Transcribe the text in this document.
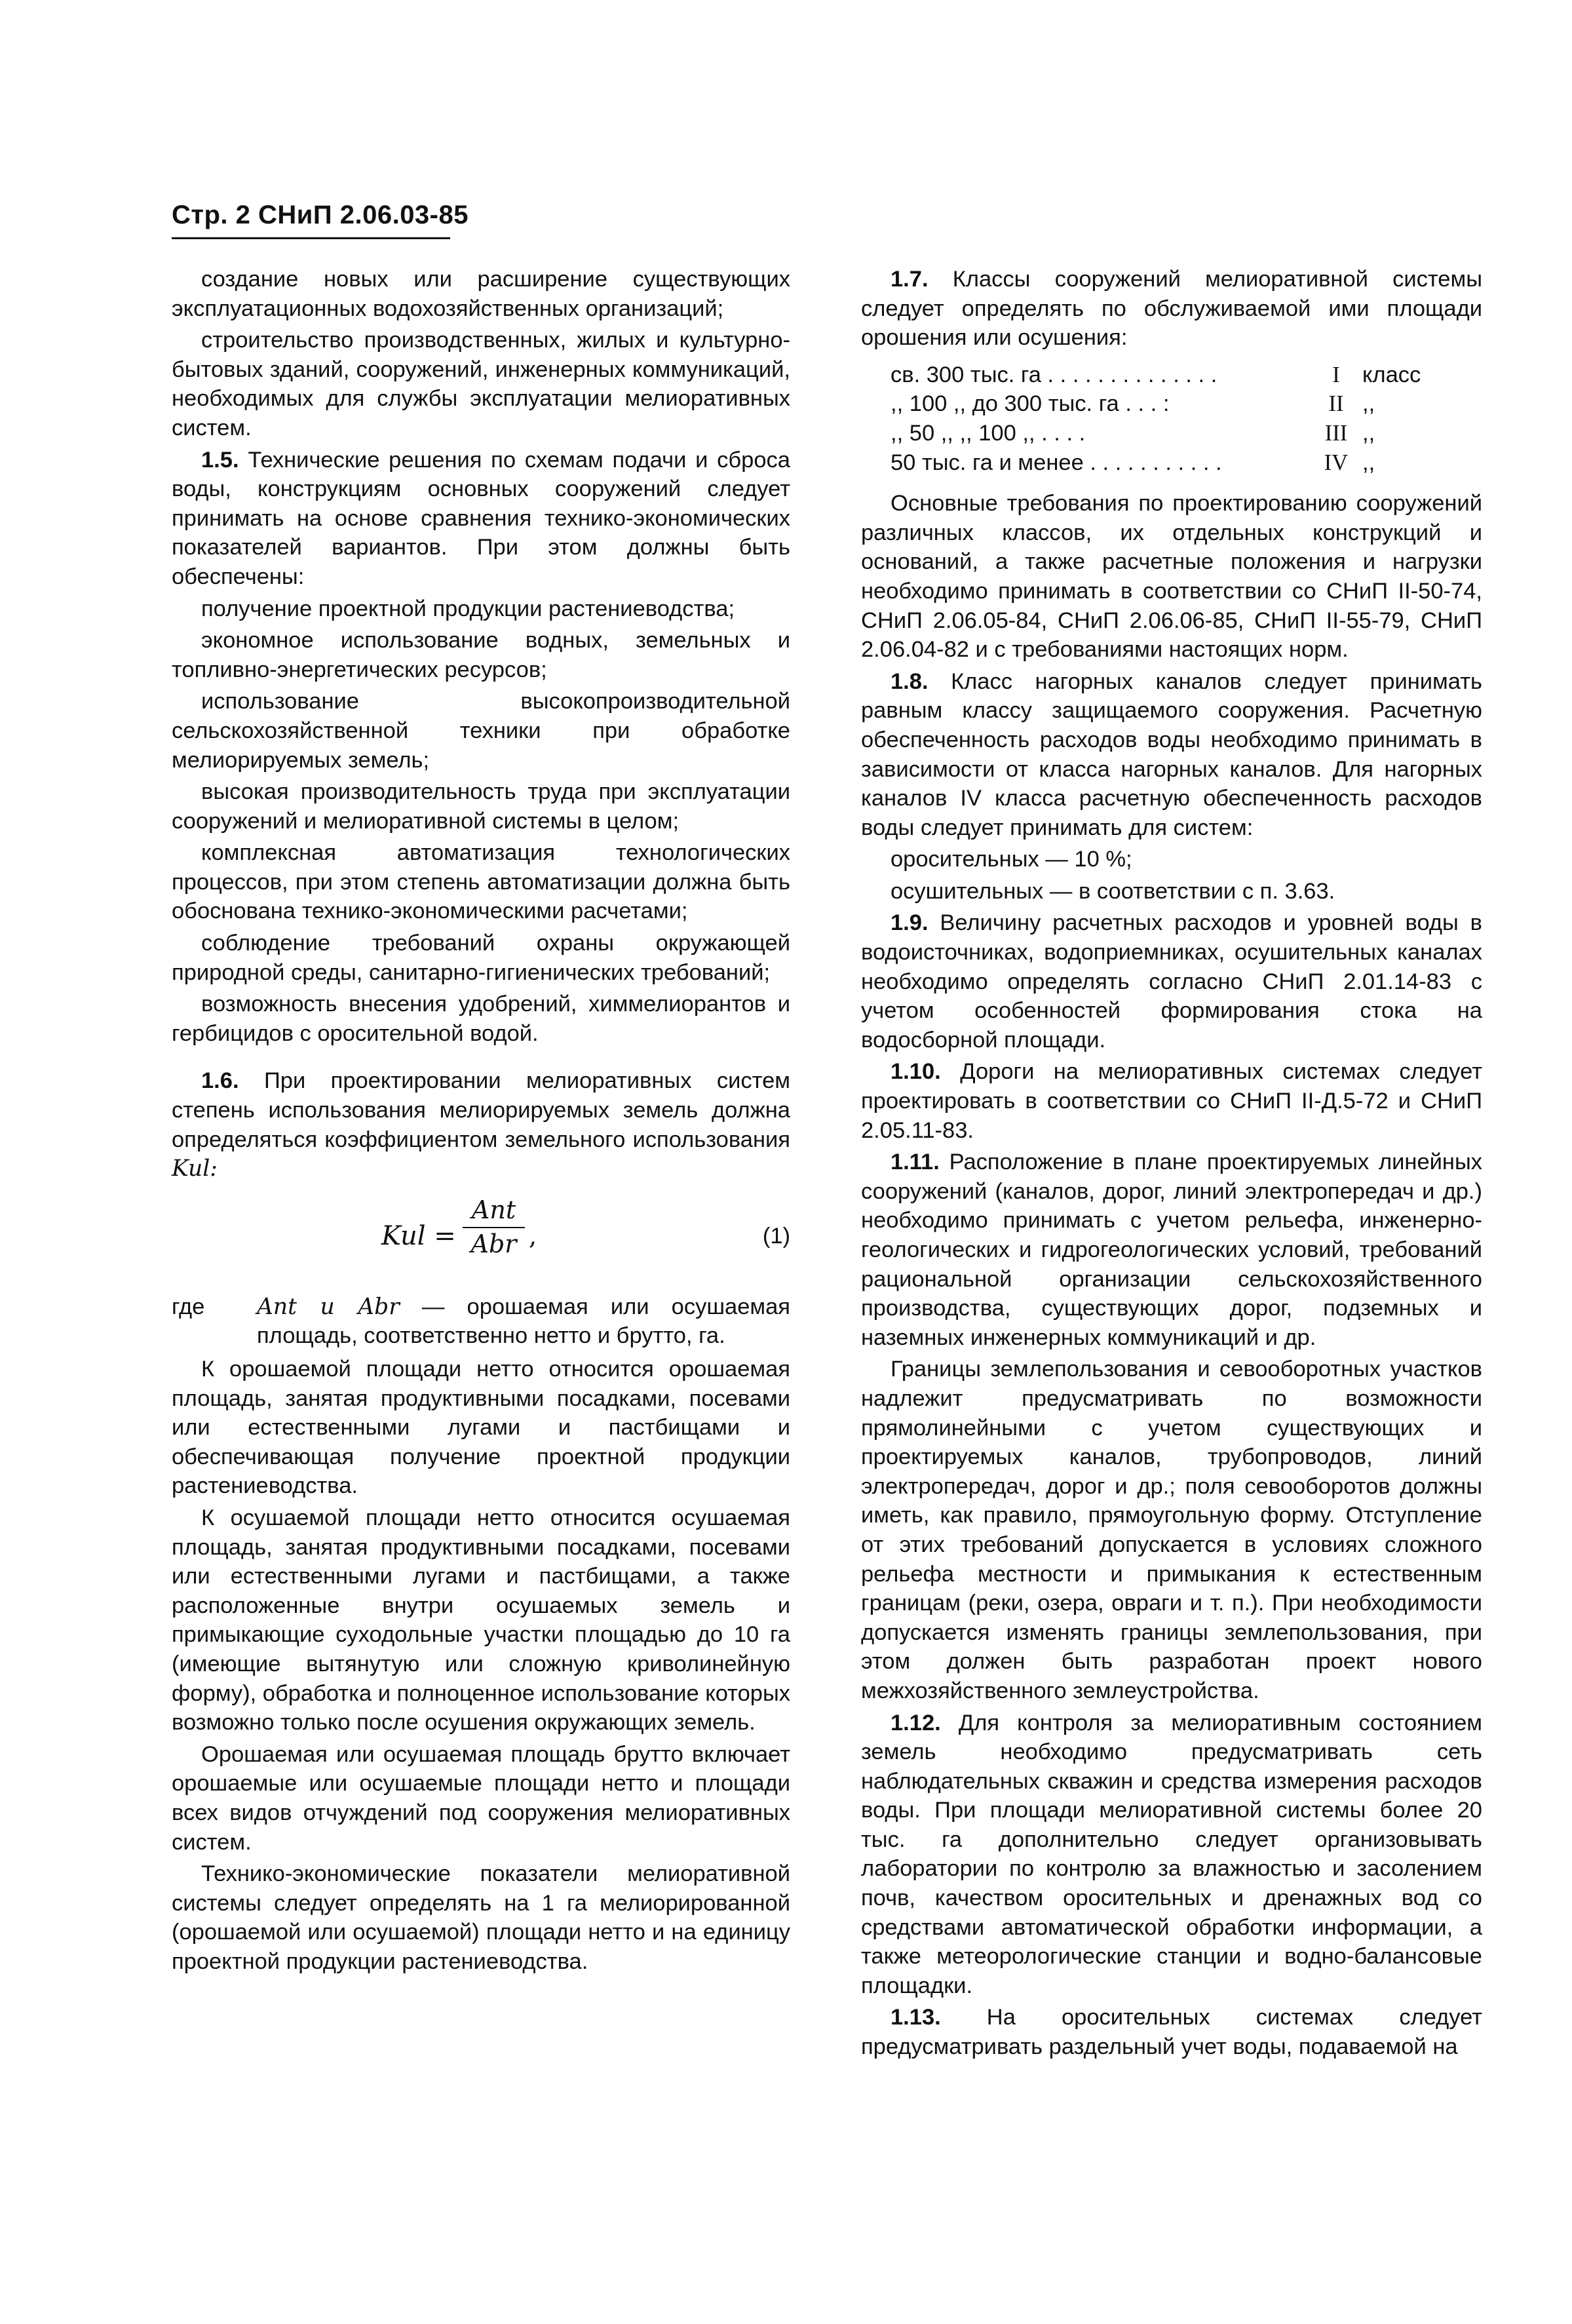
Стр. 2 СНиП 2.06.03-85

создание новых или расширение существующих эксплуатационных водохозяйственных организаций;

строительство производственных, жилых и культурно-бытовых зданий, сооружений, инженерных коммуникаций, необходимых для службы эксплуатации мелиоративных систем.

1.5. Технические решения по схемам подачи и сброса воды, конструкциям основных сооружений следует принимать на основе сравнения технико-экономических показателей вариантов. При этом должны быть обеспечены:

получение проектной продукции растениеводства;

экономное использование водных, земельных и топливно-энергетических ресурсов;

использование высокопроизводительной сельскохозяйственной техники при обработке мелиорируемых земель;

высокая производительность труда при эксплуатации сооружений и мелиоративной системы в целом;

комплексная автоматизация технологических процессов, при этом степень автоматизации должна быть обоснована технико-экономическими расчетами;

соблюдение требований охраны окружающей природной среды, санитарно-гигиенических требований;

возможность внесения удобрений, химмелиорантов и гербицидов с оросительной водой.

1.6. При проектировании мелиоративных систем степень использования мелиорируемых земель должна определяться коэффициентом земельного использования Kul:

Kul =
Ant
Abr ,	(1)
где	Ant и Abr — орошаемая или осушаемая площадь, соответственно нетто и брутто, га.

К орошаемой площади нетто относится орошаемая площадь, занятая продуктивными посадками, посевами или естественными лугами и пастбищами и обеспечивающая получение проектной продукции растениеводства.

К осушаемой площади нетто относится осушаемая площадь, занятая продуктивными посадками, посевами или естественными лугами и пастбищами, а также расположенные внутри осушаемых земель и примыкающие суходольные участки площадью до 10 га (имеющие вытянутую или сложную криволинейную форму), обработка и полноценное использование которых возможно только после осушения окружающих земель.

Орошаемая или осушаемая площадь брутто включает орошаемые или осушаемые площади нетто и площади всех видов отчуждений под сооружения мелиоративных систем.

Технико-экономические показатели мелиоративной системы следует определять на 1 га мелиорированной (орошаемой или осушаемой) площади нетто и на единицу проектной продукции растениеводства.

1.7. Классы сооружений мелиоративной системы следует определять по обслуживаемой ими площади орошения или осушения:

св. 300 тыс. га . . . . . . . . . . . . . .	I класс
,, 100 ,, до 300 тыс. га . . . :	II ,,
,, 50 ,, ,, 100 ,, . . . .	III ,,
50 тыс. га и менее . . . . . . . . . . .	IV ,,

Основные требования по проектированию сооружений различных классов, их отдельных конструкций и оснований, а также расчетные положения и нагрузки необходимо принимать в соответствии со СНиП II-50-74, СНиП 2.06.05-84, СНиП 2.06.06-85, СНиП II-55-79, СНиП 2.06.04-82 и с требованиями настоящих норм.

1.8. Класс нагорных каналов следует принимать равным классу защищаемого сооружения. Расчетную обеспеченность расходов воды необходимо принимать в зависимости от класса нагорных каналов. Для нагорных каналов IV класса расчетную обеспеченность расходов воды следует принимать для систем:

оросительных — 10 %;

осушительных — в соответствии с п. 3.63.

1.9. Величину расчетных расходов и уровней воды в водоисточниках, водоприемниках, осушительных каналах необходимо определять согласно СНиП 2.01.14-83 с учетом особенностей формирования стока на водосборной площади.

1.10. Дороги на мелиоративных системах следует проектировать в соответствии со СНиП II-Д.5-72 и СНиП 2.05.11-83.

1.11. Расположение в плане проектируемых линейных сооружений (каналов, дорог, линий электропередач и др.) необходимо принимать с учетом рельефа, инженерно-геологических и гидрогеологических условий, требований рациональной организации сельскохозяйственного производства, существующих дорог, подземных и наземных инженерных коммуникаций и др.

Границы землепользования и севооборотных участков надлежит предусматривать по возможности прямолинейными с учетом существующих и проектируемых каналов, трубопроводов, линий электропередач, дорог и др.; поля севооборотов должны иметь, как правило, прямоугольную форму. Отступление от этих требований допускается в условиях сложного рельефа местности и примыкания к естественным границам (реки, озера, овраги и т. п.). При необходимости допускается изменять границы землепользования, при этом должен быть разработан проект нового межхозяйственного землеустройства.

1.12. Для контроля за мелиоративным состоянием земель необходимо предусматривать сеть наблюдательных скважин и средства измерения расходов воды. При площади мелиоративной системы более 20 тыс. га дополнительно следует организовывать лаборатории по контролю за влажностью и засолением почв, качеством оросительных и дренажных вод со средствами автоматической обработки информации, а также метеорологические станции и водно-балансовые площадки.

1.13. На оросительных системах следует предусматривать раздельный учет воды, подаваемой на
